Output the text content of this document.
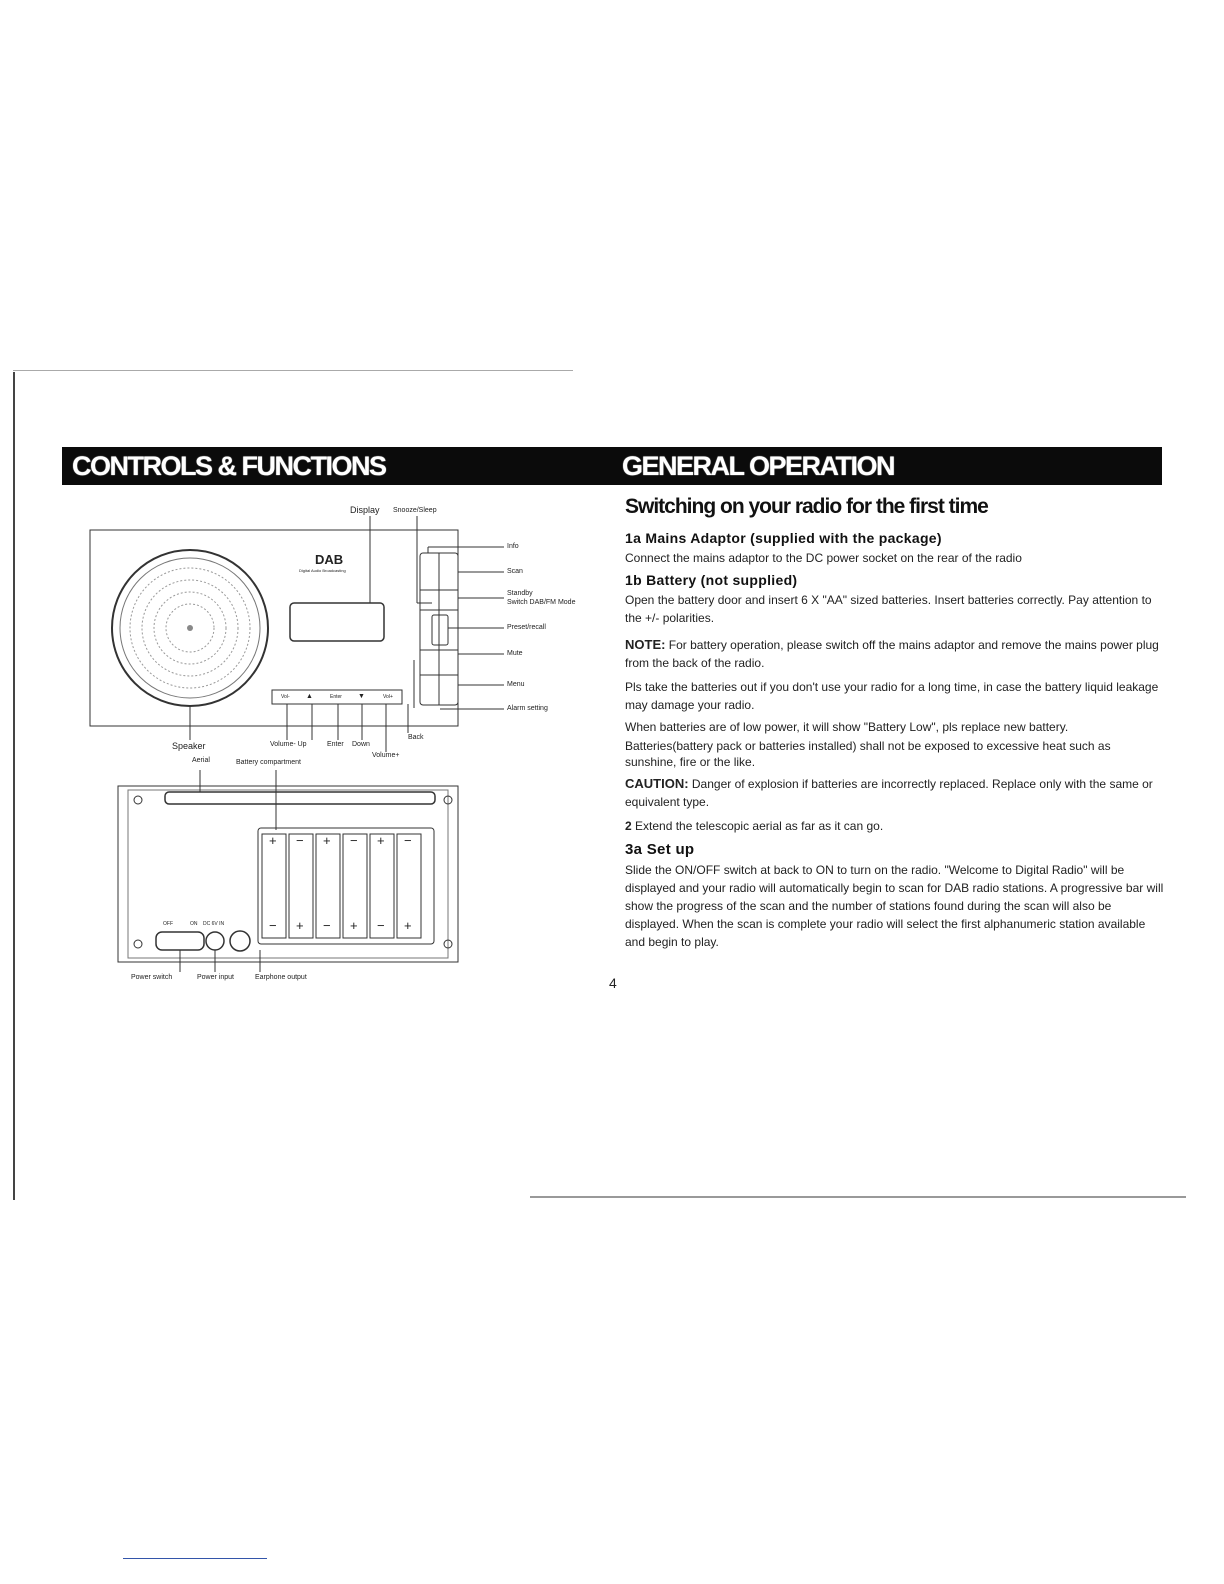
CONTROLS & FUNCTIONS	GENERAL OPERATION
Display Snooze/Sleep
DAB
Digital Audio Broadcasting
Info
Scan
Standby
Switch DAB/FM Mode
Preset/recall
Mute
Menu
Alarm setting
Vol- ▲	Enter ▼	Vol+
Speaker	Volume- Up	Enter Down
Back
Volume+
Aerial	Battery compartment
+ − + − + −
− + − + − +
OFF	ON DC 6V IN
Power switch	Power input	Earphone output
Switching on your radio for the first time
1a Mains Adaptor (supplied with the package)

Connect the mains adaptor to the DC power socket on the rear of the radio

1b Battery (not supplied)

Open the battery door and insert 6 X "AA" sized batteries. Insert batteries correctly. Pay attention to the +/- polarities.

NOTE: For battery operation, please switch off the mains adaptor and remove the mains power plug from the back of the radio.

Pls take the batteries out if you don't use your radio for a long time, in case the battery liquid leakage may damage your radio.

When batteries are of low power, it will show "Battery Low", pls replace new battery.

Batteries(battery pack or batteries installed) shall not be exposed to excessive heat such as sunshine, fire or the like.

CAUTION: Danger of explosion if batteries are incorrectly replaced. Replace only with the same or equivalent type.

2 Extend the telescopic aerial as far as it can go.

3a Set up

Slide the ON/OFF switch at back to ON to turn on the radio. "Welcome to Digital Radio" will be displayed and your radio will automatically begin to scan for DAB radio stations. A progressive bar will show the progress of the scan and the number of stations found during the scan will also be displayed. When the scan is complete your radio will select the first alphanumeric station available and begin to play.

4
